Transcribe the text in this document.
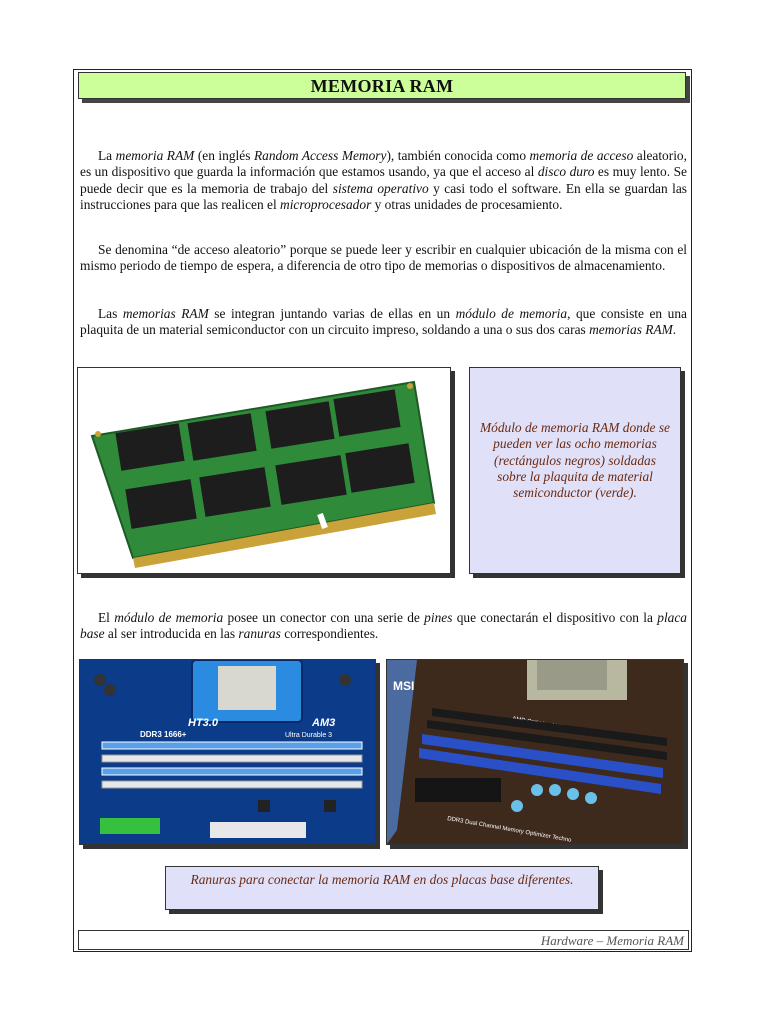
MEMORIA RAM

La memoria RAM (en inglés Random Access Memory), también conocida como memoria de acceso aleatorio, es un dispositivo que guarda la información que estamos usando, ya que el acceso al disco duro es muy lento. Se puede decir que es la memoria de trabajo del sistema operativo y casi todo el software. En ella se guardan las instrucciones para que las realicen el microprocesador y otras unidades de procesamiento.

Se denomina “de acceso aleatorio” porque se puede leer y escribir en cualquier ubicación de la misma con el mismo periodo de tiempo de espera, a diferencia de otro tipo de memorias o dispositivos de almacenamiento.

Las memorias RAM se integran juntando varias de ellas en un módulo de memoria, que consiste en una plaquita de un material semiconductor con un circuito impreso, soldando a una o sus dos caras memorias RAM.

Módulo de memoria RAM donde se pueden ver las ocho memorias (rectángulos negros) soldadas sobre la plaquita de material semiconductor (verde).

El módulo de memoria posee un conector con una serie de pines que conectarán el dispositivo con la placa base al ser introducida en las ranuras correspondientes.

HT3.0	AM3
DDR3 1666+	Ultra Durable 3
MSI
DDR3 Dual Channel Memory Optimizer Techno
Ranuras para conectar la memoria RAM en dos placas base diferentes.
Hardware – Memoria RAM
